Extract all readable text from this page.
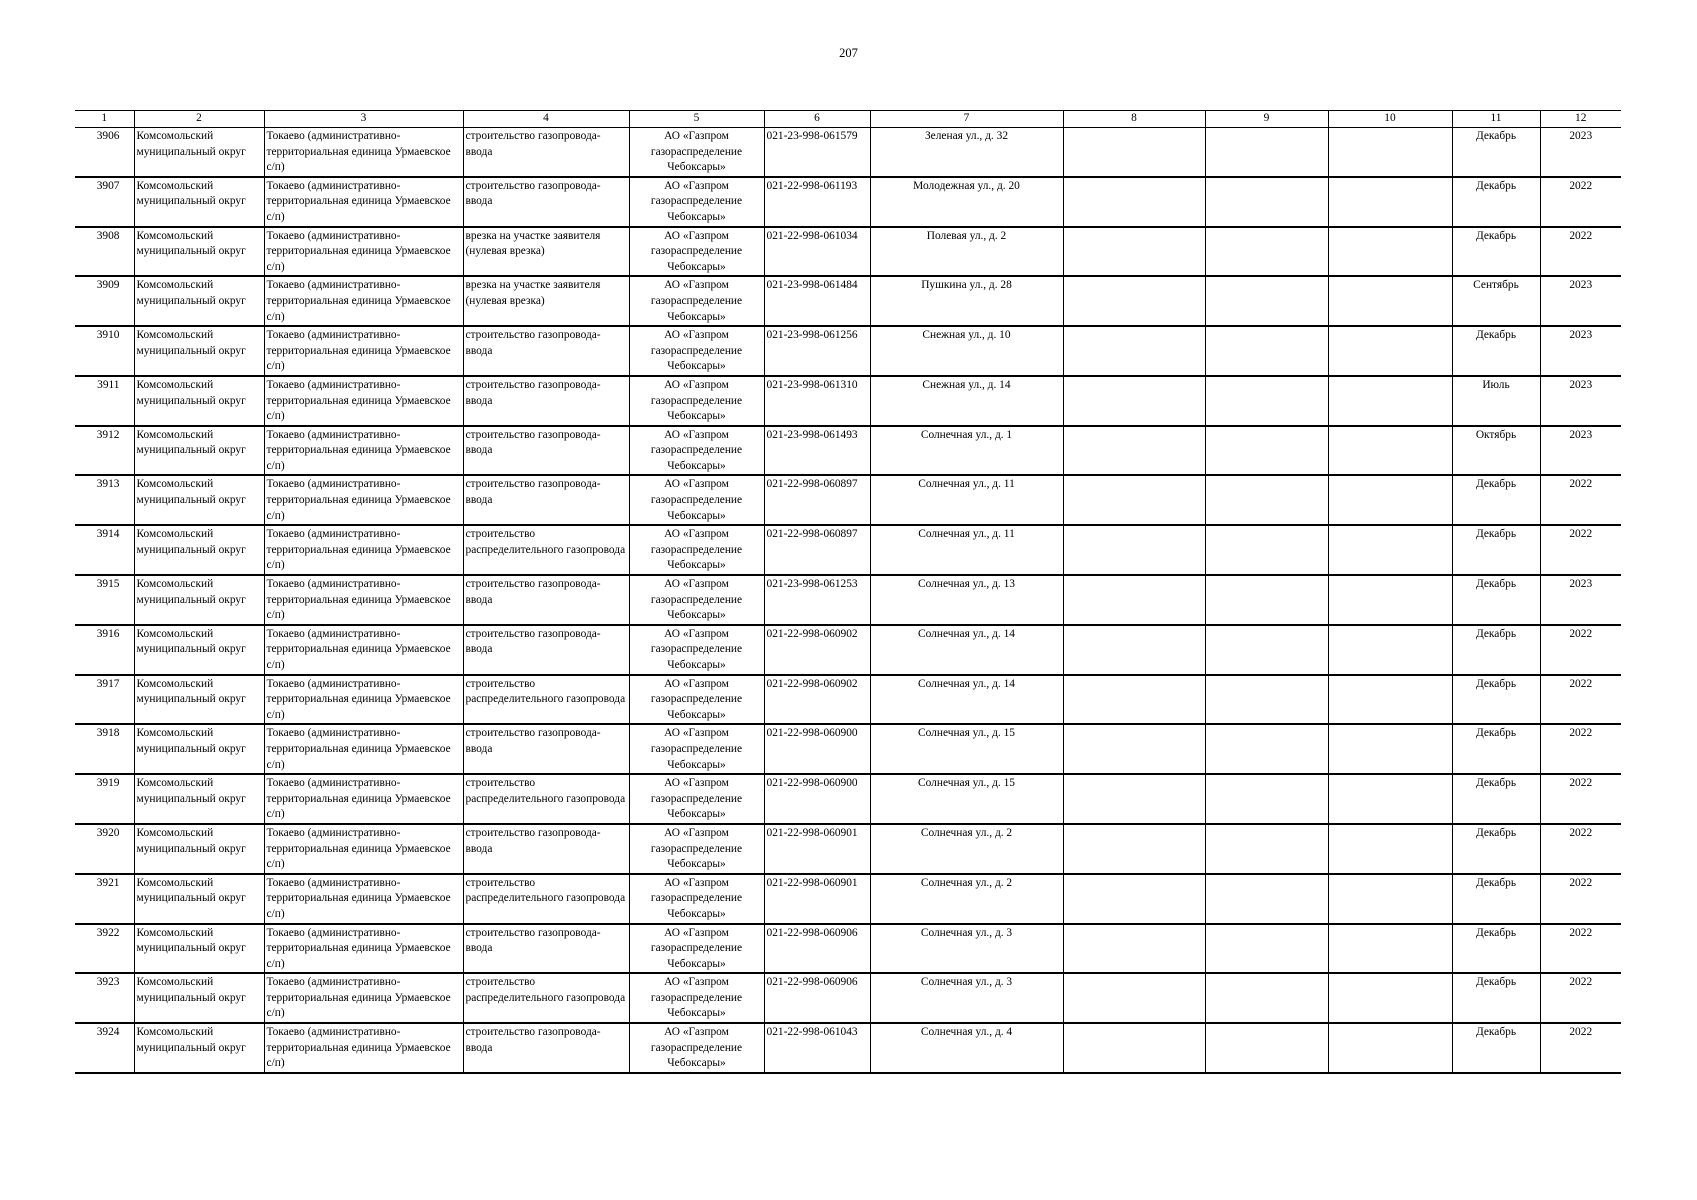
207
1	2	3	4	5	6	7	8	9	10	11	12
3906	Комсомольский муниципальный округ	Токаево (административно-территориальная единица Урмаевское с/п)	строительство газопровода-ввода	АО «Газпром газораспределение Чебоксары»	021-23-998-061579	Зеленая ул., д. 32				Декабрь	2023
3907	Комсомольский муниципальный округ	Токаево (административно-территориальная единица Урмаевское с/п)	строительство газопровода-ввода	АО «Газпром газораспределение Чебоксары»	021-22-998-061193	Молодежная ул., д. 20				Декабрь	2022
3908	Комсомольский муниципальный округ	Токаево (административно-территориальная единица Урмаевское с/п)	врезка на участке заявителя (нулевая врезка)	АО «Газпром газораспределение Чебоксары»	021-22-998-061034	Полевая ул., д. 2				Декабрь	2022
3909	Комсомольский муниципальный округ	Токаево (административно-территориальная единица Урмаевское с/п)	врезка на участке заявителя (нулевая врезка)	АО «Газпром газораспределение Чебоксары»	021-23-998-061484	Пушкина ул., д. 28				Сентябрь	2023
3910	Комсомольский муниципальный округ	Токаево (административно-территориальная единица Урмаевское с/п)	строительство газопровода-ввода	АО «Газпром газораспределение Чебоксары»	021-23-998-061256	Снежная ул., д. 10				Декабрь	2023
3911	Комсомольский муниципальный округ	Токаево (административно-территориальная единица Урмаевское с/п)	строительство газопровода-ввода	АО «Газпром газораспределение Чебоксары»	021-23-998-061310	Снежная ул., д. 14				Июль	2023
3912	Комсомольский муниципальный округ	Токаево (административно-территориальная единица Урмаевское с/п)	строительство газопровода-ввода	АО «Газпром газораспределение Чебоксары»	021-23-998-061493	Солнечная ул., д. 1				Октябрь	2023
3913	Комсомольский муниципальный округ	Токаево (административно-территориальная единица Урмаевское с/п)	строительство газопровода-ввода	АО «Газпром газораспределение Чебоксары»	021-22-998-060897	Солнечная ул., д. 11				Декабрь	2022
3914	Комсомольский муниципальный округ	Токаево (административно-территориальная единица Урмаевское с/п)	строительство распределительного газопровода	АО «Газпром газораспределение Чебоксары»	021-22-998-060897	Солнечная ул., д. 11				Декабрь	2022
3915	Комсомольский муниципальный округ	Токаево (административно-территориальная единица Урмаевское с/п)	строительство газопровода-ввода	АО «Газпром газораспределение Чебоксары»	021-23-998-061253	Солнечная ул., д. 13				Декабрь	2023
3916	Комсомольский муниципальный округ	Токаево (административно-территориальная единица Урмаевское с/п)	строительство газопровода-ввода	АО «Газпром газораспределение Чебоксары»	021-22-998-060902	Солнечная ул., д. 14				Декабрь	2022
3917	Комсомольский муниципальный округ	Токаево (административно-территориальная единица Урмаевское с/п)	строительство распределительного газопровода	АО «Газпром газораспределение Чебоксары»	021-22-998-060902	Солнечная ул., д. 14				Декабрь	2022
3918	Комсомольский муниципальный округ	Токаево (административно-территориальная единица Урмаевское с/п)	строительство газопровода-ввода	АО «Газпром газораспределение Чебоксары»	021-22-998-060900	Солнечная ул., д. 15				Декабрь	2022
3919	Комсомольский муниципальный округ	Токаево (административно-территориальная единица Урмаевское с/п)	строительство распределительного газопровода	АО «Газпром газораспределение Чебоксары»	021-22-998-060900	Солнечная ул., д. 15				Декабрь	2022
3920	Комсомольский муниципальный округ	Токаево (административно-территориальная единица Урмаевское с/п)	строительство газопровода-ввода	АО «Газпром газораспределение Чебоксары»	021-22-998-060901	Солнечная ул., д. 2				Декабрь	2022
3921	Комсомольский муниципальный округ	Токаево (административно-территориальная единица Урмаевское с/п)	строительство распределительного газопровода	АО «Газпром газораспределение Чебоксары»	021-22-998-060901	Солнечная ул., д. 2				Декабрь	2022
3922	Комсомольский муниципальный округ	Токаево (административно-территориальная единица Урмаевское с/п)	строительство газопровода-ввода	АО «Газпром газораспределение Чебоксары»	021-22-998-060906	Солнечная ул., д. 3				Декабрь	2022
3923	Комсомольский муниципальный округ	Токаево (административно-территориальная единица Урмаевское с/п)	строительство распределительного газопровода	АО «Газпром газораспределение Чебоксары»	021-22-998-060906	Солнечная ул., д. 3				Декабрь	2022
3924	Комсомольский муниципальный округ	Токаево (административно-территориальная единица Урмаевское с/п)	строительство газопровода-ввода	АО «Газпром газораспределение Чебоксары»	021-22-998-061043	Солнечная ул., д. 4				Декабрь	2022
